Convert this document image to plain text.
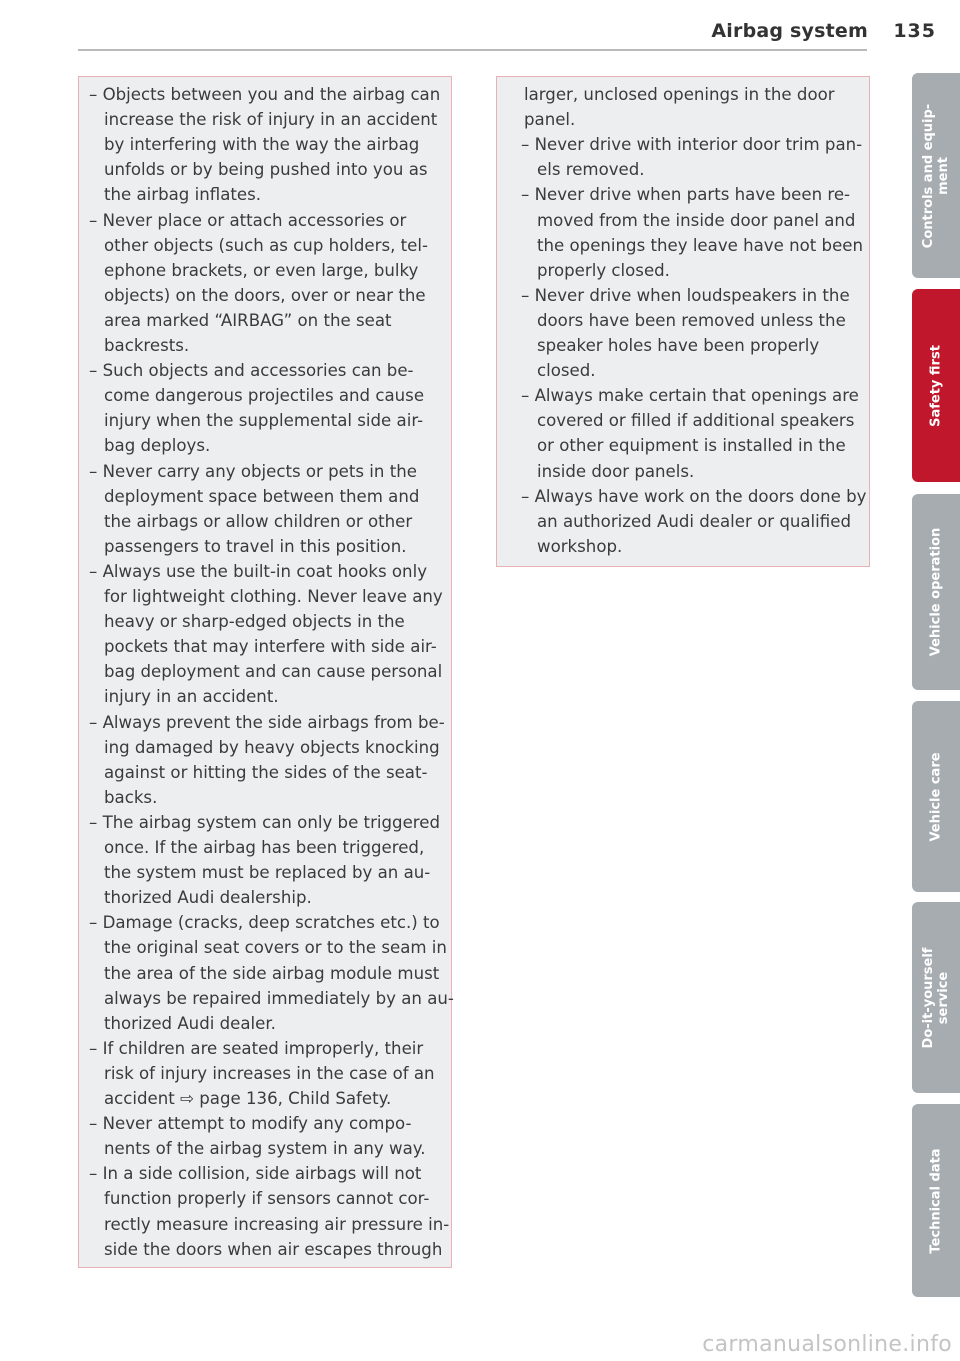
Airbag system 135
– Objects between you and the airbag can
increase the risk of injury in an accident
by interfering with the way the airbag
unfolds or by being pushed into you as
the airbag inflates.
– Never place or attach accessories or
other objects (such as cup holders, tel-
ephone brackets, or even large, bulky
objects) on the doors, over or near the
area marked “AIRBAG” on the seat
backrests.
– Such objects and accessories can be-
come dangerous projectiles and cause
injury when the supplemental side air-
bag deploys.
– Never carry any objects or pets in the
deployment space between them and
the airbags or allow children or other
passengers to travel in this position.
– Always use the built-in coat hooks only
for lightweight clothing. Never leave any
heavy or sharp-edged objects in the
pockets that may interfere with side air-
bag deployment and can cause personal
injury in an accident.
– Always prevent the side airbags from be-
ing damaged by heavy objects knocking
against or hitting the sides of the seat-
backs.
– The airbag system can only be triggered
once. If the airbag has been triggered,
the system must be replaced by an au-
thorized Audi dealership.
– Damage (cracks, deep scratches etc.) to
the original seat covers or to the seam in
the area of the side airbag module must
always be repaired immediately by an au-
thorized Audi dealer.
– If children are seated improperly, their
risk of injury increases in the case of an
accident ⇨ page 136, Child Safety.
– Never attempt to modify any compo-
nents of the airbag system in any way.
– In a side collision, side airbags will not
function properly if sensors cannot cor-
rectly measure increasing air pressure in-
side the doors when air escapes through
larger, unclosed openings in the door
panel.
– Never drive with interior door trim pan-
els removed.
– Never drive when parts have been re-
moved from the inside door panel and
the openings they leave have not been
properly closed.
– Never drive when loudspeakers in the
doors have been removed unless the
speaker holes have been properly
closed.
– Always make certain that openings are
covered or filled if additional speakers
or other equipment is installed in the
inside door panels.
– Always have work on the doors done by
an authorized Audi dealer or qualified
workshop.
Controls and equip-
ment
Safety first
Vehicle operation
Vehicle care
Do-it-yourself
service
Technical data
carmanualsonline.info
